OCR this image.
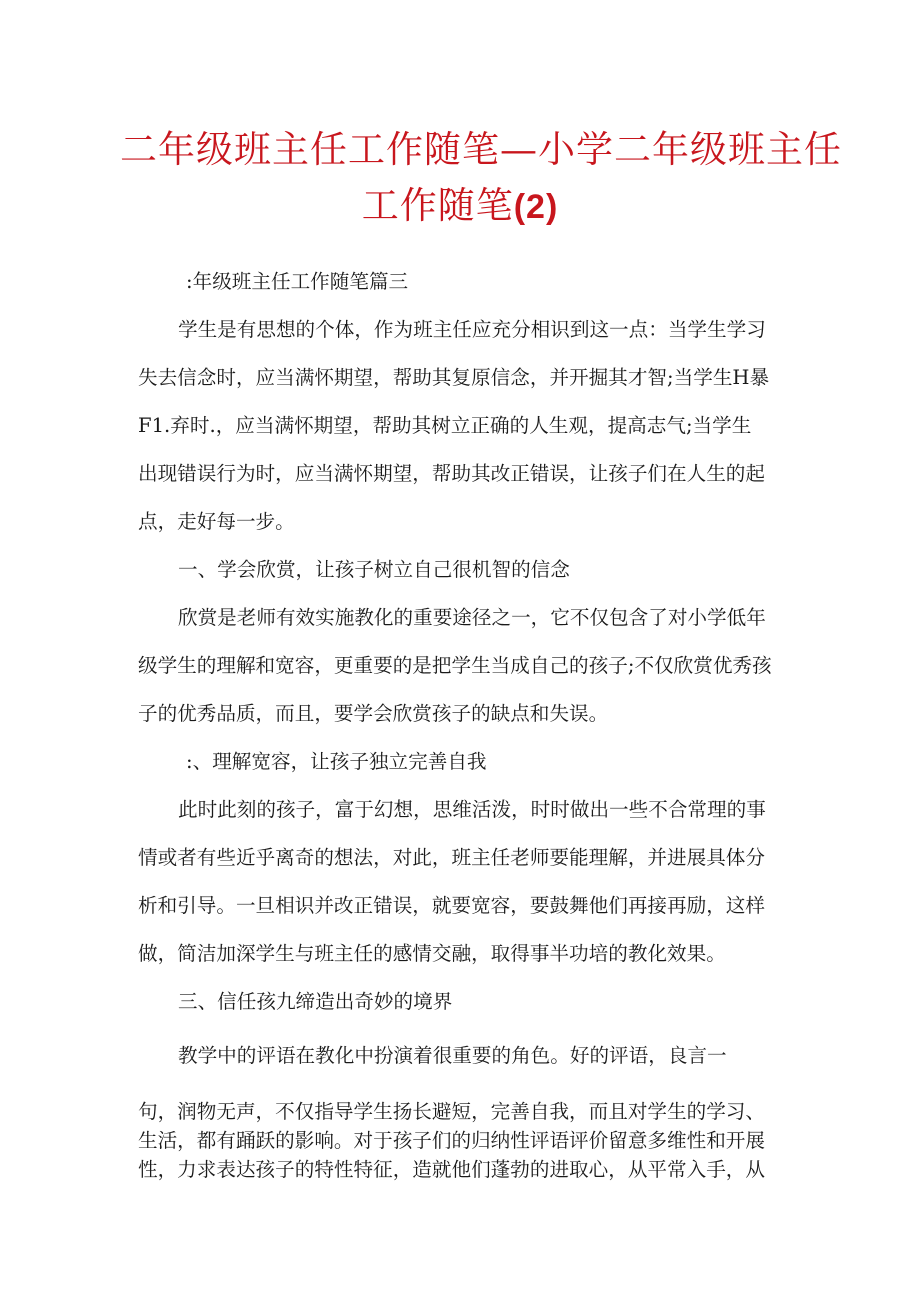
二年级班主任工作随笔—小学二年级班主任
工作随笔(2)
:年级班主任工作随笔篇三
学生是有思想的个体，作为班主任应充分相识到这一点：当学生学习
失去信念时，应当满怀期望，帮助其复原信念，并开掘其才智;当学生H暴
F1.弃时.，应当满怀期望，帮助其树立正确的人生观，提高志气;当学生
出现错误行为时，应当满怀期望，帮助其改正错误，让孩子们在人生的起
点，走好每一步。
一、学会欣赏，让孩子树立自己很机智的信念
欣赏是老师有效实施教化的重要途径之一，它不仅包含了对小学低年
级学生的理解和宽容，更重要的是把学生当成自己的孩子;不仅欣赏优秀孩
子的优秀品质，而且，要学会欣赏孩子的缺点和失误。
:、理解宽容，让孩子独立完善自我
此时此刻的孩子，富于幻想，思维活泼，时时做出一些不合常理的事
情或者有些近乎离奇的想法，对此，班主任老师要能理解，并进展具体分
析和引导。一旦相识并改正错误，就要宽容，要鼓舞他们再接再励，这样
做，简洁加深学生与班主任的感情交融，取得事半功培的教化效果。
三、信任孩九缔造出奇妙的境界
教学中的评语在教化中扮演着很重要的角色。好的评语，良言一
句，润物无声，不仅指导学生扬长避短，完善自我，而且对学生的学习、
生活，都有踊跃的影响。对于孩子们的归纳性评语评价留意多维性和开展
性，力求表达孩子的特性特征，造就他们蓬勃的进取心，从平常入手，从
